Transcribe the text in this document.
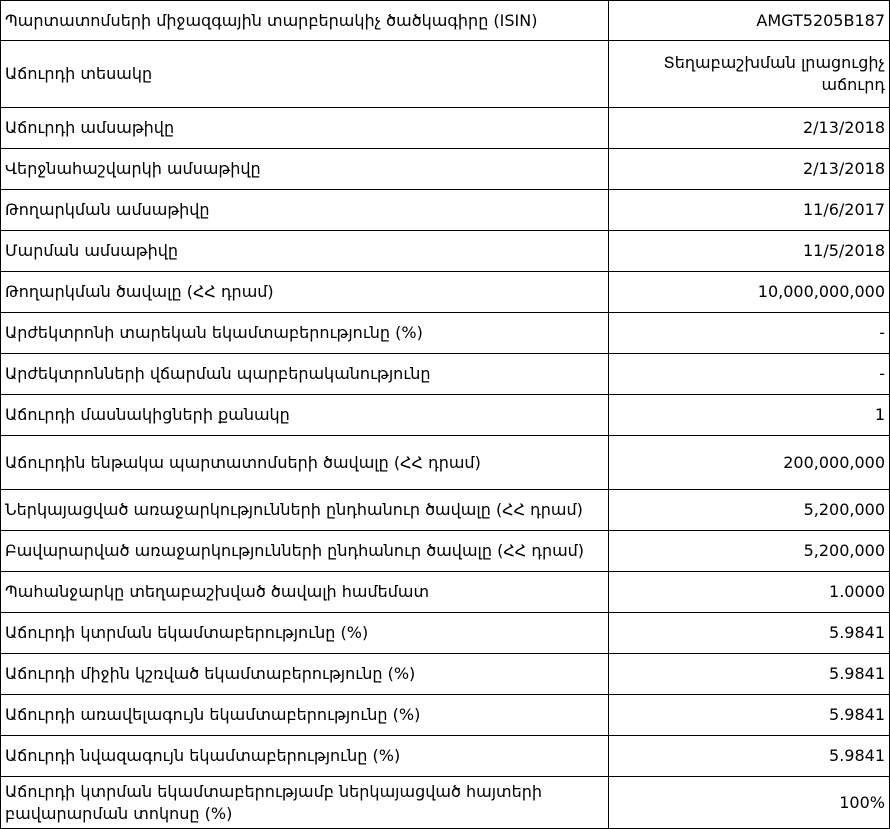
Պարտատոմսերի միջազգային տարբերակիչ ծածկագիրը (ISIN)	AMGT5205B187
Աճուրդի տեսակը	Տեղաբաշխման լրացուցիչ աճուրդ
Աճուրդի ամսաթիվը	2/13/2018
Վերջնահաշվարկի ամսաթիվը	2/13/2018
Թողարկման ամսաթիվը	11/6/2017
Մարման ամսաթիվը	11/5/2018
Թողարկման ծավալը (ՀՀ դրամ)	10,000,000,000
Արժեկտրոնի տարեկան եկամտաբերությունը (%)	-
Արժեկտրոնների վճարման պարբերականությունը	-
Աճուրդի մասնակիցների քանակը	1
Աճուրդին ենթակա պարտատոմսերի ծավալը (ՀՀ դրամ)	200,000,000
Ներկայացված առաջարկությունների ընդհանուր ծավալը (ՀՀ դրամ)	5,200,000
Բավարարված առաջարկությունների ընդհանուր ծավալը (ՀՀ դրամ)	5,200,000
Պահանջարկը տեղաբաշխված ծավալի համեմատ	1.0000
Աճուրդի կտրման եկամտաբերությունը (%)	5.9841
Աճուրդի միջին կշռված եկամտաբերությունը (%)	5.9841
Աճուրդի առավելագույն եկամտաբերությունը (%)	5.9841
Աճուրդի նվազագույն եկամտաբերությունը (%)	5.9841
Աճուրդի կտրման եկամտաբերությամբ ներկայացված հայտերի բավարարման տոկոսը (%)	100%
